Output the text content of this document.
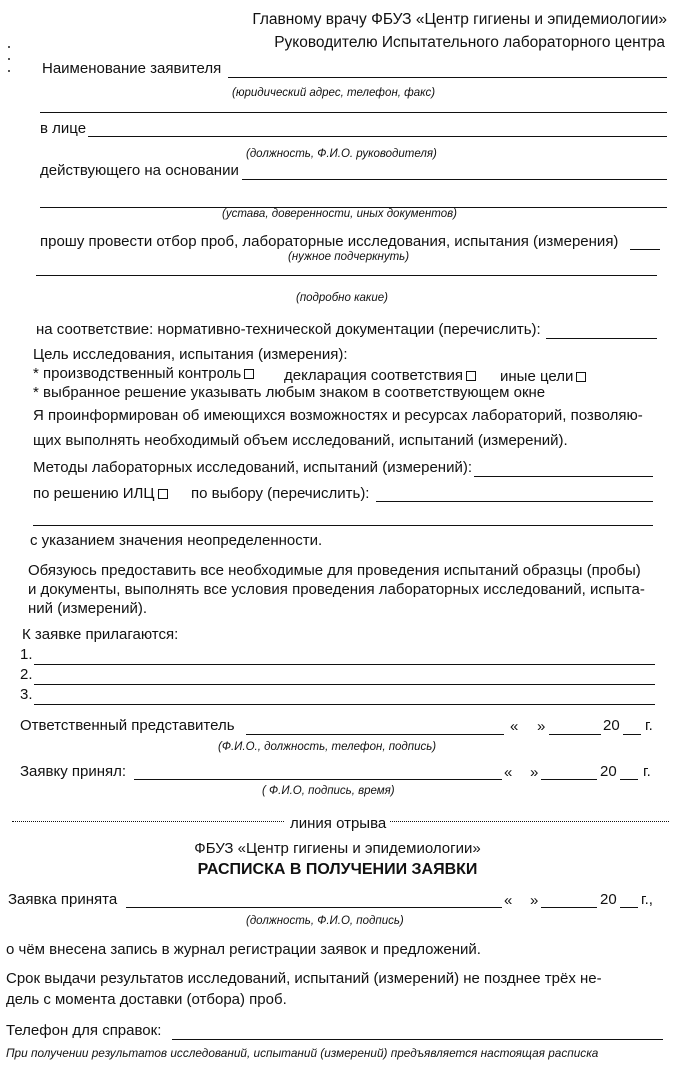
Главному врачу ФБУЗ «Центр гигиены и эпидемиологии»
Руководителю Испытательного лабораторного центра
Наименование заявителя
(юридический адрес, телефон, факс)
в лице
(должность, Ф.И.О. руководителя)
действующего на основании
(устава, доверенности, иных документов)
прошу провести отбор проб, лабораторные исследования, испытания (измерения)
(нужное подчеркнуть)
(подробно какие)
на соответствие: нормативно-технической документации (перечислить):
Цель исследования, испытания (измерения):
* производственный контроль	декларация соответствия	иные цели
* выбранное решение указывать любым знаком в соответствующем окне
Я проинформирован об имеющихся возможностях и ресурсах лабораторий, позволяю-
щих выполнять необходимый объем исследований, испытаний (измерений).
Методы лабораторных исследований, испытаний (измерений):
по решению ИЛЦ	по выбору (перечислить):
с указанием значения неопределенности.
Обязуюсь предоставить все необходимые для проведения испытаний образцы (пробы)
и документы, выполнять все условия проведения лабораторных исследований, испыта-
ний (измерений).
К заявке прилагаются:
1.
2.
3.
Ответственный представитель	« »	20 г.
(Ф.И.О., должность, телефон, подпись)
Заявку принял:	« »	20 г.
( Ф.И.О, подпись, время)
линия отрыва
ФБУЗ «Центр гигиены и эпидемиологии»
РАСПИСКА В ПОЛУЧЕНИИ ЗАЯВКИ
Заявка принята	« »	20 г.,
(должность, Ф.И.О, подпись)
о чём внесена запись в журнал регистрации заявок и предложений.
Срок выдачи результатов исследований, испытаний (измерений) не позднее трёх не-
дель с момента доставки (отбора) проб.
Телефон для справок:
При получении результатов исследований, испытаний (измерений) предъявляется настоящая расписка
